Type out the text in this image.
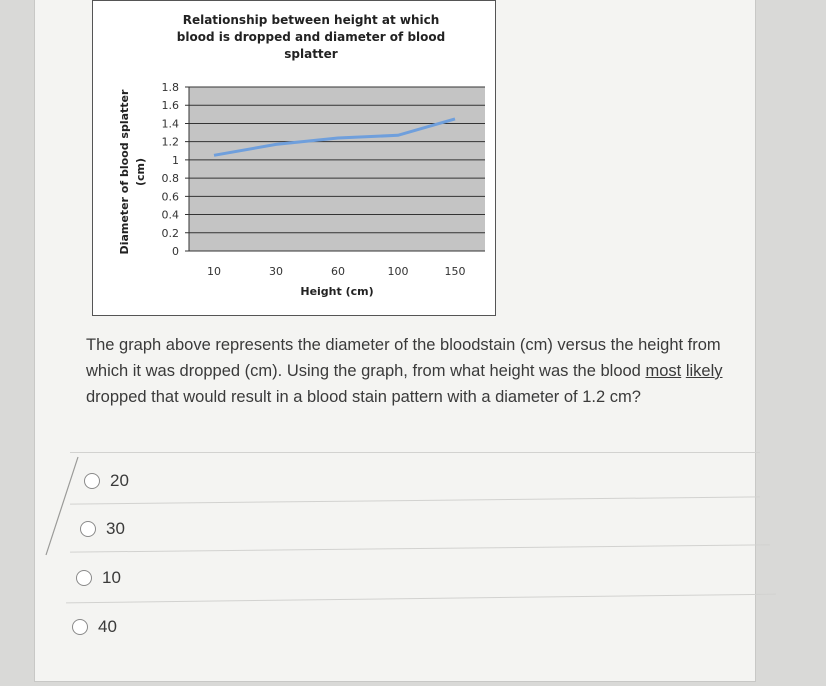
Relationship between height at which
blood is dropped and diameter of blood
splatter
0
0.2
0.4
0.6
0.8
1
1.2
1.4
1.6
1.8
Diameter of blood splatter (cm)
10	30	60	100	150
Height (cm)
The graph above represents the diameter of the bloodstain (cm) versus the height from which it was dropped (cm). Using the graph, from what height was the blood most likely dropped that would result in a blood stain pattern with a diameter of 1.2 cm?
20
30
10
40
